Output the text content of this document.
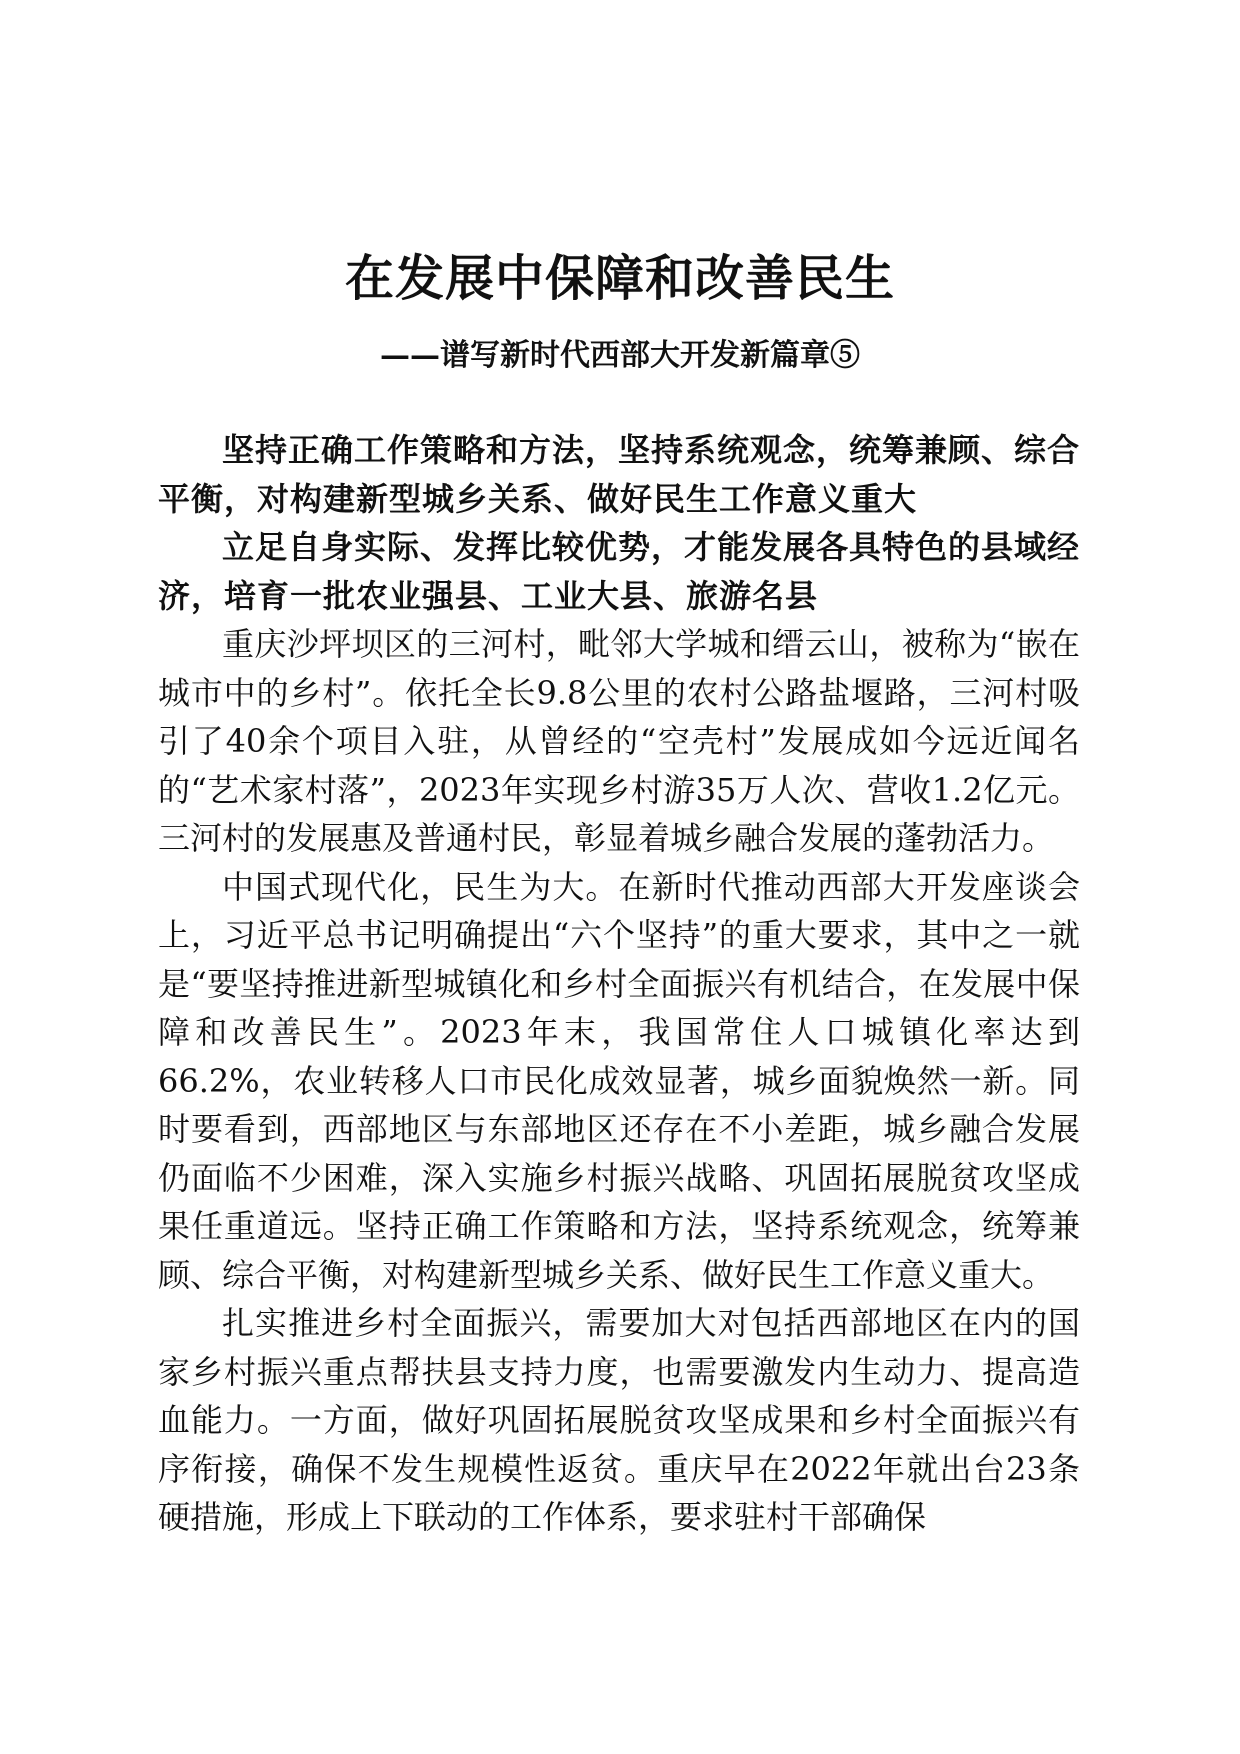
在发展中保障和改善民生
——谱写新时代西部大开发新篇章⑤

坚持正确工作策略和方法，坚持系统观念，统筹兼顾、综合平衡，对构建新型城乡关系、做好民生工作意义重大

立足自身实际、发挥比较优势，才能发展各具特色的县域经济，培育一批农业强县、工业大县、旅游名县

重庆沙坪坝区的三河村，毗邻大学城和缙云山，被称为“嵌在城市中的乡村”。依托全长9.8公里的农村公路盐堰路，三河村吸引了40余个项目入驻，从曾经的“空壳村”发展成如今远近闻名的“艺术家村落”，2023年实现乡村游35万人次、营收1.2亿元。三河村的发展惠及普通村民，彰显着城乡融合发展的蓬勃活力。

中国式现代化，民生为大。在新时代推动西部大开发座谈会上，习近平总书记明确提出“六个坚持”的重大要求，其中之一就是“要坚持推进新型城镇化和乡村全面振兴有机结合，在发展中保障和改善民生”。2023年末，我国常住人口城镇化率达到66.2%，农业转移人口市民化成效显著，城乡面貌焕然一新。同时要看到，西部地区与东部地区还存在不小差距，城乡融合发展仍面临不少困难，深入实施乡村振兴战略、巩固拓展脱贫攻坚成果任重道远。坚持正确工作策略和方法，坚持系统观念，统筹兼顾、综合平衡，对构建新型城乡关系、做好民生工作意义重大。

扎实推进乡村全面振兴，需要加大对包括西部地区在内的国家乡村振兴重点帮扶县支持力度，也需要激发内生动力、提高造血能力。一方面，做好巩固拓展脱贫攻坚成果和乡村全面振兴有序衔接，确保不发生规模性返贫。重庆早在2022年就出台23条硬措施，形成上下联动的工作体系，要求驻村干部确保
